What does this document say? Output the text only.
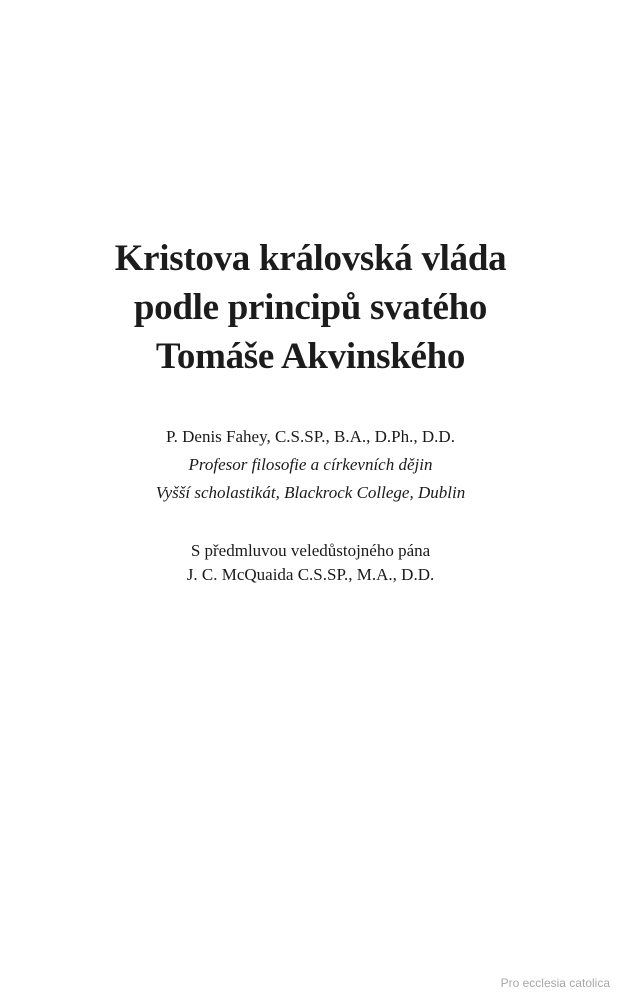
Kristova královská vláda
podle principů svatého
Tomáše Akvinského
P. Denis Fahey, C.S.SP., B.A., D.Ph., D.D.
Profesor filosofie a církevních dějin
Vyšší scholastikát, Blackrock College, Dublin
S předmluvou veledůstojného pána
J. C. McQuaida C.S.SP., M.A., D.D.
Pro ecclesia catolica
